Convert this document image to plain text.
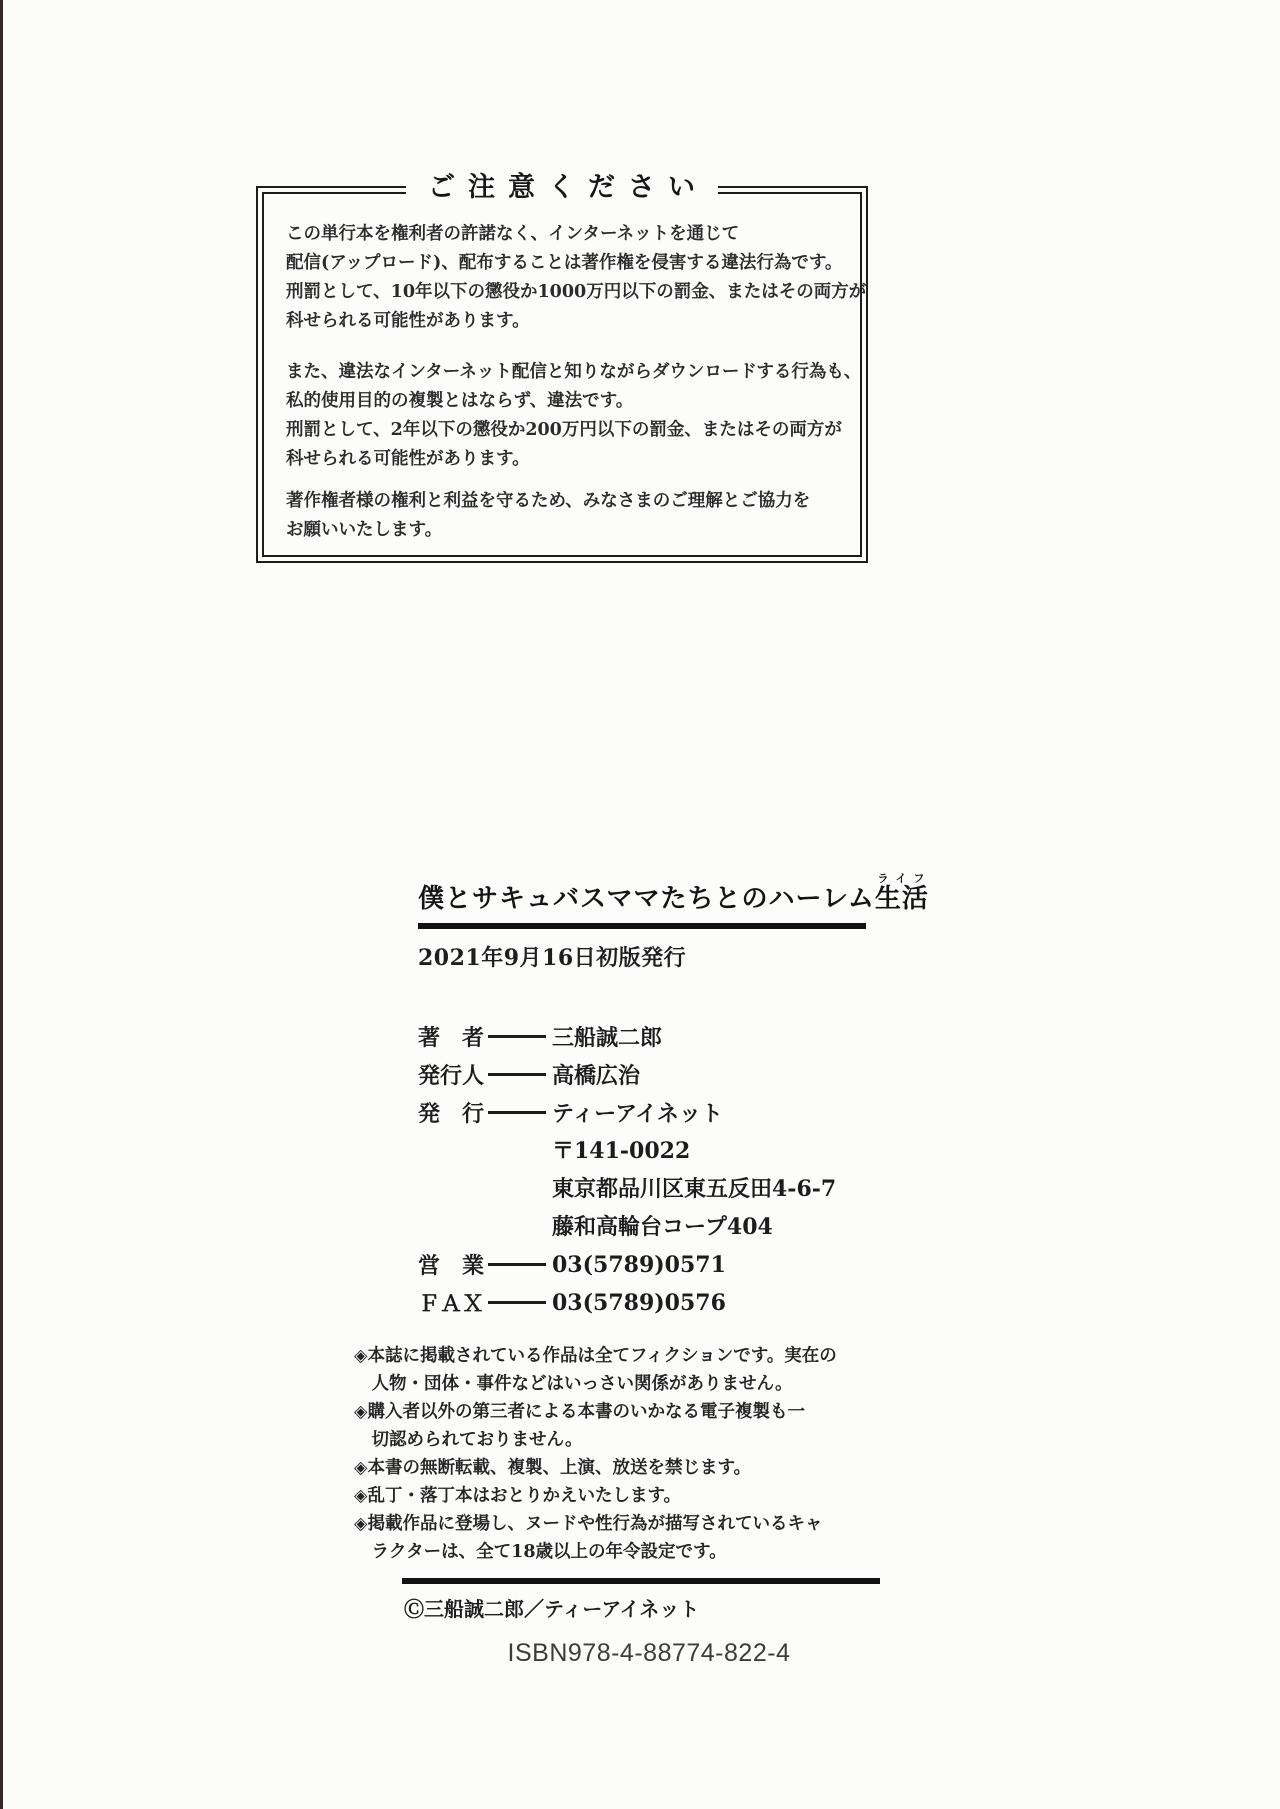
ご注意ください
この単行本を権利者の許諾なく、インターネットを通じて
配信(アップロード)、配布することは著作権を侵害する違法行為です。
刑罰として、10年以下の懲役か1000万円以下の罰金、またはその両方が
科せられる可能性があります。
また、違法なインターネット配信と知りながらダウンロードする行為も、
私的使用目的の複製とはならず、違法です。
刑罰として、2年以下の懲役か200万円以下の罰金、またはその両方が
科せられる可能性があります。
著作権者様の権利と利益を守るため、みなさまのご理解とご協力を
お願いいたします。
僕とサキュバスママたちとのハーレム生活ライフ
2021年9月16日初版発行
著　者	三船誠二郎
発行人	高橋広治
発　行	ティーアイネット
〒141-0022
東京都品川区東五反田4-6-7
藤和高輪台コープ404
営　業	03(5789)0571
ＦＡＸ	03(5789)0576
◈本誌に掲載されている作品は全てフィクションです。実在の
　人物・団体・事件などはいっさい関係がありません。
◈購入者以外の第三者による本書のいかなる電子複製も一
　切認められておりません。
◈本書の無断転載、複製、上演、放送を禁じます。
◈乱丁・落丁本はおとりかえいたします。
◈掲載作品に登場し、ヌードや性行為が描写されているキャ
　ラクターは、全て18歳以上の年令設定です。
Ⓒ三船誠二郎／ティーアイネット
ISBN978-4-88774-822-4
